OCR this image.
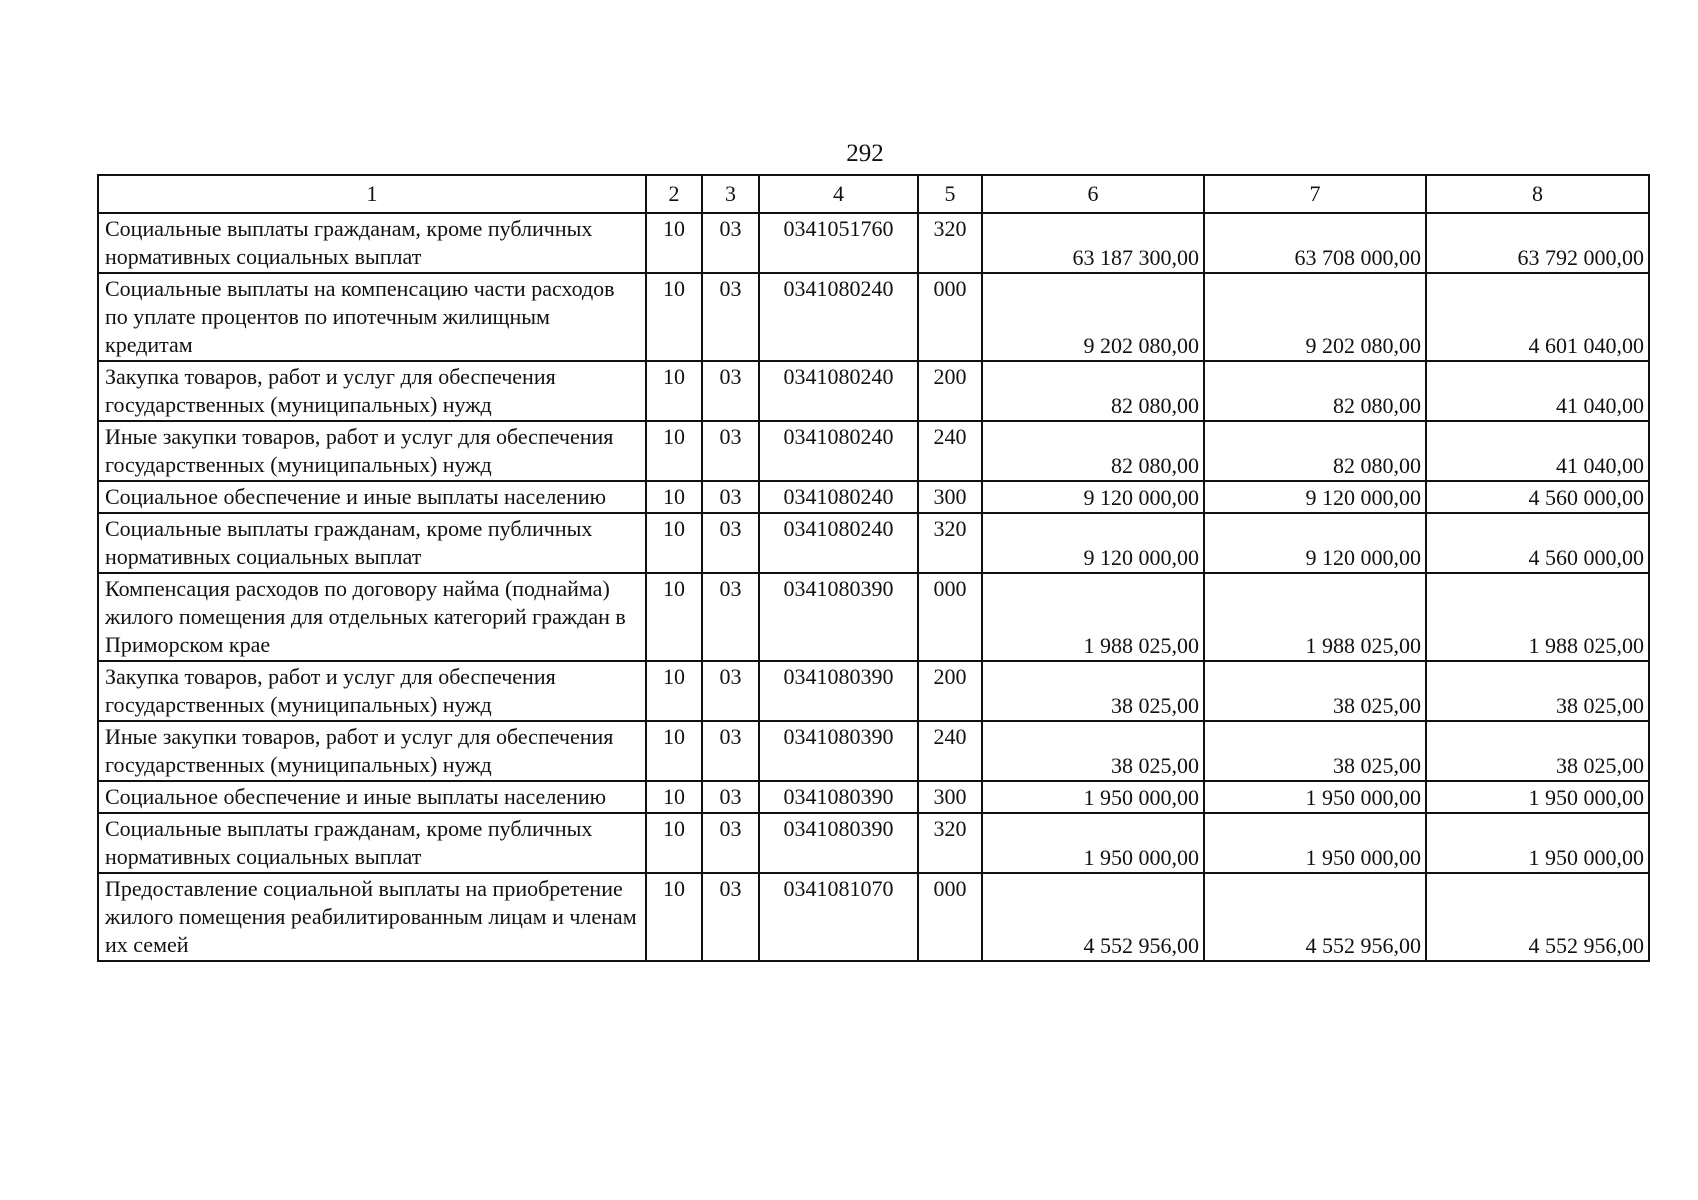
292
1	2	3	4	5	6	7	8
Социальные выплаты гражданам, кроме публичных нормативных социальных выплат	10	03	0341051760	320	63 187 300,00	63 708 000,00	63 792 000,00
Социальные выплаты на компенсацию части расходов по уплате процентов по ипотечным жилищным кредитам	10	03	0341080240	000	9 202 080,00	9 202 080,00	4 601 040,00
Закупка товаров, работ и услуг для обеспечения государственных (муниципальных) нужд	10	03	0341080240	200	82 080,00	82 080,00	41 040,00
Иные закупки товаров, работ и услуг для обеспечения государственных (муниципальных) нужд	10	03	0341080240	240	82 080,00	82 080,00	41 040,00
Социальное обеспечение и иные выплаты населению	10	03	0341080240	300	9 120 000,00	9 120 000,00	4 560 000,00
Социальные выплаты гражданам, кроме публичных нормативных социальных выплат	10	03	0341080240	320	9 120 000,00	9 120 000,00	4 560 000,00
Компенсация расходов по договору найма (поднайма) жилого помещения для отдельных категорий граждан в Приморском крае	10	03	0341080390	000	1 988 025,00	1 988 025,00	1 988 025,00
Закупка товаров, работ и услуг для обеспечения государственных (муниципальных) нужд	10	03	0341080390	200	38 025,00	38 025,00	38 025,00
Иные закупки товаров, работ и услуг для обеспечения государственных (муниципальных) нужд	10	03	0341080390	240	38 025,00	38 025,00	38 025,00
Социальное обеспечение и иные выплаты населению	10	03	0341080390	300	1 950 000,00	1 950 000,00	1 950 000,00
Социальные выплаты гражданам, кроме публичных нормативных социальных выплат	10	03	0341080390	320	1 950 000,00	1 950 000,00	1 950 000,00
Предоставление социальной выплаты на приобретение жилого помещения реабилитированным лицам и членам их семей	10	03	0341081070	000	4 552 956,00	4 552 956,00	4 552 956,00
